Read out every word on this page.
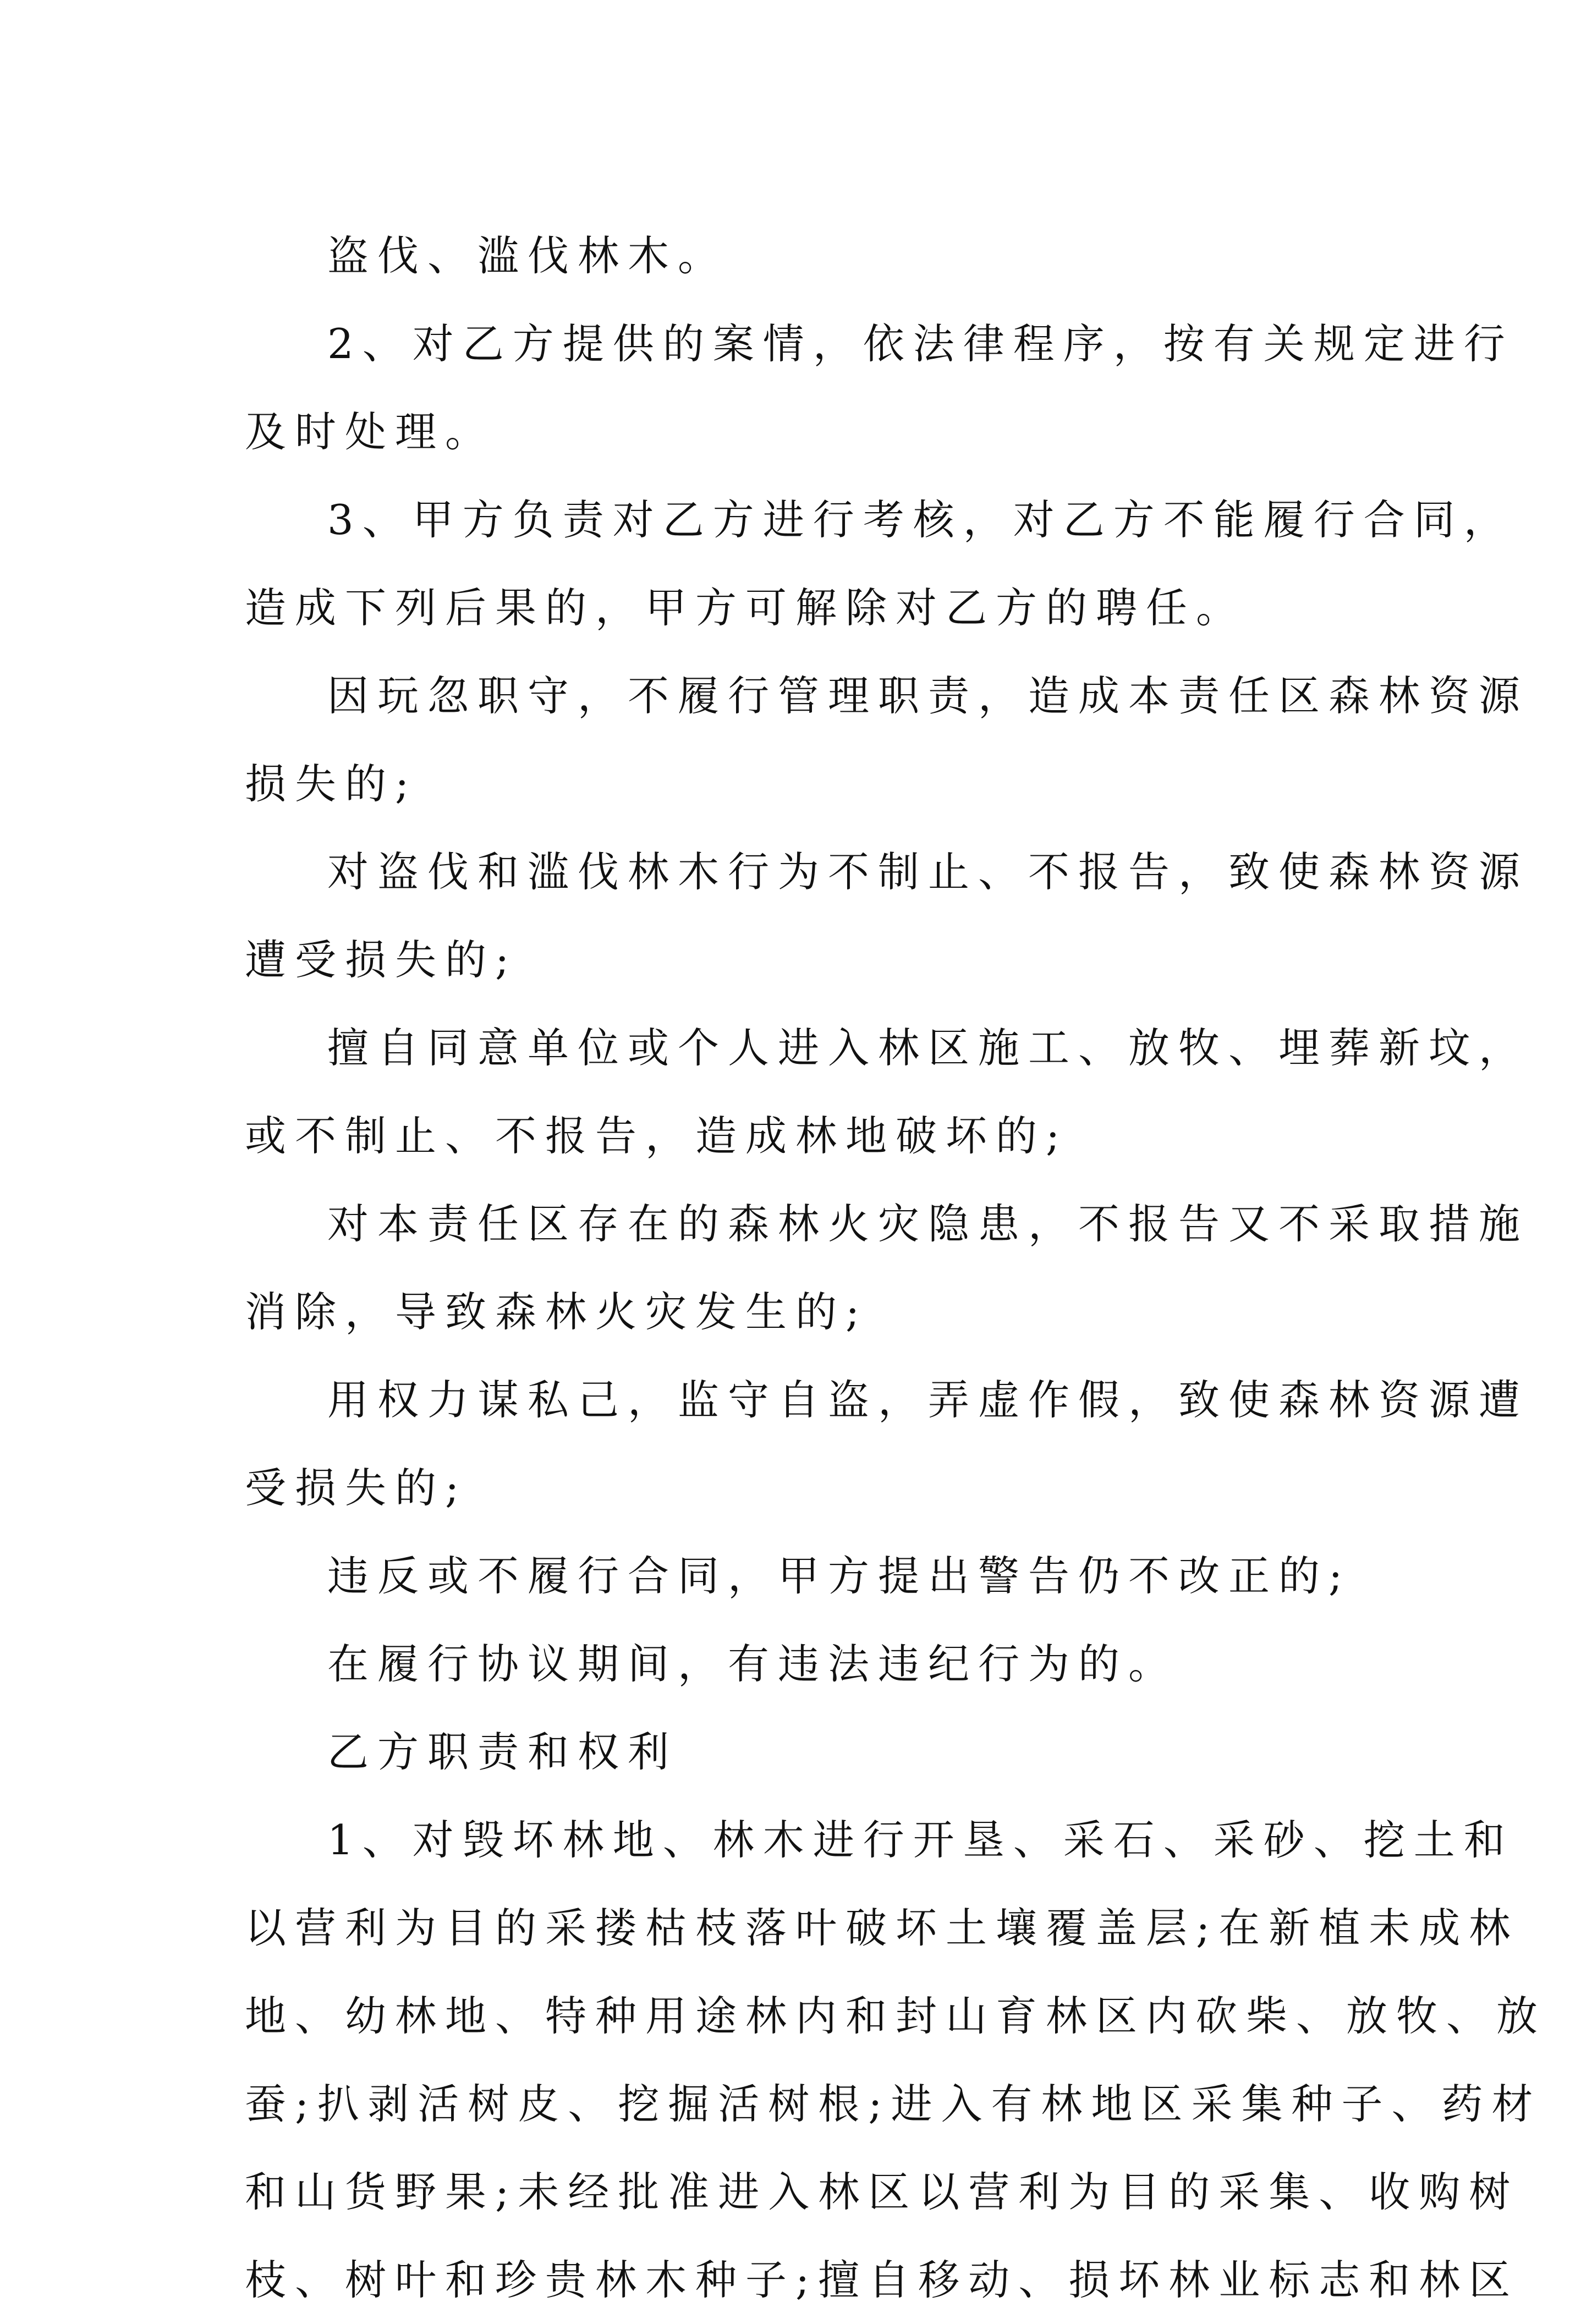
盗伐、滥伐林木。
2、对乙方提供的案情，依法律程序，按有关规定进行
及时处理。
3、甲方负责对乙方进行考核，对乙方不能履行合同，
造成下列后果的，甲方可解除对乙方的聘任。
因玩忽职守，不履行管理职责，造成本责任区森林资源
损失的;
对盗伐和滥伐林木行为不制止、不报告，致使森林资源
遭受损失的;
擅自同意单位或个人进入林区施工、放牧、埋葬新坟，
或不制止、不报告，造成林地破坏的;
对本责任区存在的森林火灾隐患，不报告又不采取措施
消除，导致森林火灾发生的;
用权力谋私己，监守自盗，弄虚作假，致使森林资源遭
受损失的;
违反或不履行合同，甲方提出警告仍不改正的;
在履行协议期间，有违法违纪行为的。
乙方职责和权利
1、对毁坏林地、林木进行开垦、采石、采砂、挖土和
以营利为目的采搂枯枝落叶破坏土壤覆盖层;在新植未成林
地、幼林地、特种用途林内和封山育林区内砍柴、放牧、放
蚕;扒剥活树皮、挖掘活树根;进入有林地区采集种子、药材
和山货野果;未经批准进入林区以营利为目的采集、收购树
枝、树叶和珍贵林木种子;擅自移动、损坏林业标志和林区
